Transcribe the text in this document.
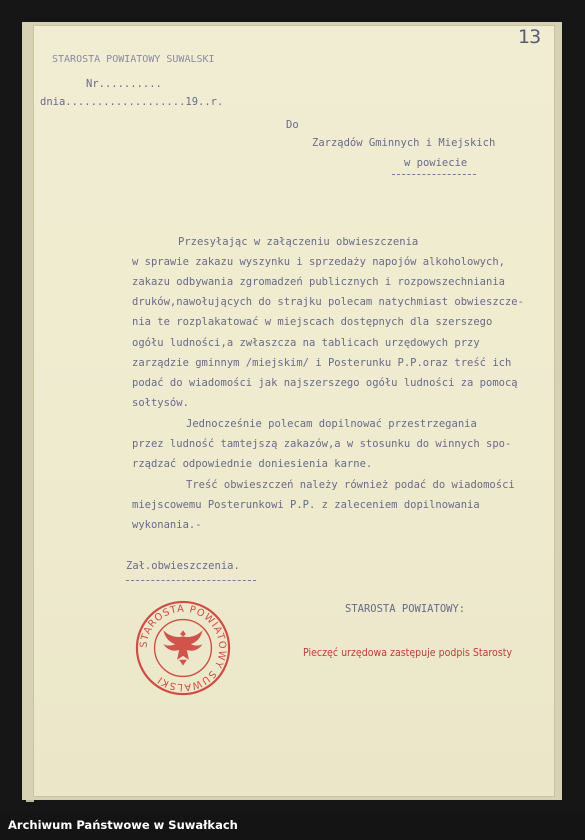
13
STAROSTA POWIATOWY SUWALSKI
Nr..........
dnia...................19..r.
Do
Zarządów Gminnych i Miejskich
w powiecie
Przesyłając w załączeniu obwieszczenia
w sprawie zakazu wyszynku i sprzedaży napojów alkoholowych,
zakazu odbywania zgromadzeń publicznych i rozpowszechniania
druków,nawołujących do strajku polecam natychmiast obwieszcze-
nia te rozplakatować w miejscach dostępnych dla szerszego
ogółu ludności,a zwłaszcza na tablicach urzędowych przy
zarządzie gminnym /miejskim/ i Posterunku P.P.oraz treść ich
podać do wiadomości jak najszerszego ogółu ludności za pomocą
sołtysów.
Jednocześnie polecam dopilnować przestrzegania
przez ludność tamtejszą zakazów,a w stosunku do winnych spo-
rządzać odpowiednie doniesienia karne.
Treść obwieszczeń należy również podać do wiadomości
miejscowemu Posterunkowi P.P. z zaleceniem dopilnowania
wykonania.-
Zał.obwieszczenia.
STAROSTA POWIATOWY:
STAROSTA POWIATOWY SUWALSKI
Pieczęć urzędowa zastępuje podpis Starosty
Archiwum Państwowe w Suwałkach
